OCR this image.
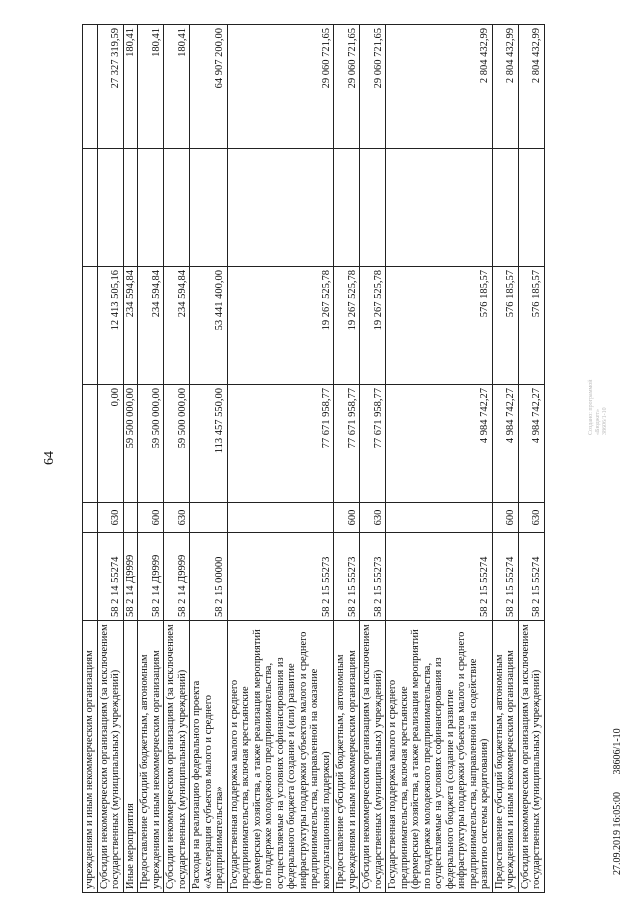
64
учреждениям и иным некоммерческим организациям						
Субсидии некоммерческим организациям (за исключением государственных (муниципальных) учреждений)	58 2 14 55274	630	0,00	12 413 505,16		27 327 319,59
Иные мероприятия	58 2 14 Д9999		59 500 000,00	234 594,84		180,41
Предоставление субсидий бюджетным, автономным учреждениям и иным некоммерческим организациям	58 2 14 Д9999	600	59 500 000,00	234 594,84		180,41
Субсидии некоммерческим организациям (за исключением государственных (муниципальных) учреждений)	58 2 14 Д9999	630	59 500 000,00	234 594,84		180,41
Расходы на реализацию федерального проекта «Акселерация субъектов малого и среднего предпринимательства»	58 2 15 00000		113 457 550,00	53 441 400,00		64 907 200,00
Государственная поддержка малого и среднего предпринимательства, включая крестьянские (фермерские) хозяйства, а также реализация мероприятий по поддержке молодежного предпринимательства, осуществляемые на условиях софинансирования из федерального бюджета (создание и (или) развитие инфраструктуры поддержки субъектов малого и среднего предпринимательства, направленной на оказание консультационной поддержки)	58 2 15 55273		77 671 958,77	19 267 525,78		29 060 721,65
Предоставление субсидий бюджетным, автономным учреждениям и иным некоммерческим организациям	58 2 15 55273	600	77 671 958,77	19 267 525,78		29 060 721,65
Субсидии некоммерческим организациям (за исключением государственных (муниципальных) учреждений)	58 2 15 55273	630	77 671 958,77	19 267 525,78		29 060 721,65
Государственная поддержка малого и среднего предпринимательства, включая крестьянские (фермерские) хозяйства, а также реализация мероприятий по поддержке молодежного предпринимательства, осуществляемые на условиях софинансирования из федерального бюджета (создание и развитие инфраструктуры поддержки субъектов малого и среднего предпринимательства, направленной на содействие развитию системы кредитования)	58 2 15 55274		4 984 742,27	576 185,57		2 804 432,99
Предоставление субсидий бюджетным, автономным учреждениям и иным некоммерческим организациям	58 2 15 55274	600	4 984 742,27	576 185,57		2 804 432,99
Субсидии некоммерческим организациям (за исключением государственных (муниципальных) учреждений)	58 2 15 55274	630	4 984 742,27	576 185,57		2 804 432,99
27.09.2019 16:05:00       38606/1-10
Создано: программой «Бюджет» 38606/1-10
